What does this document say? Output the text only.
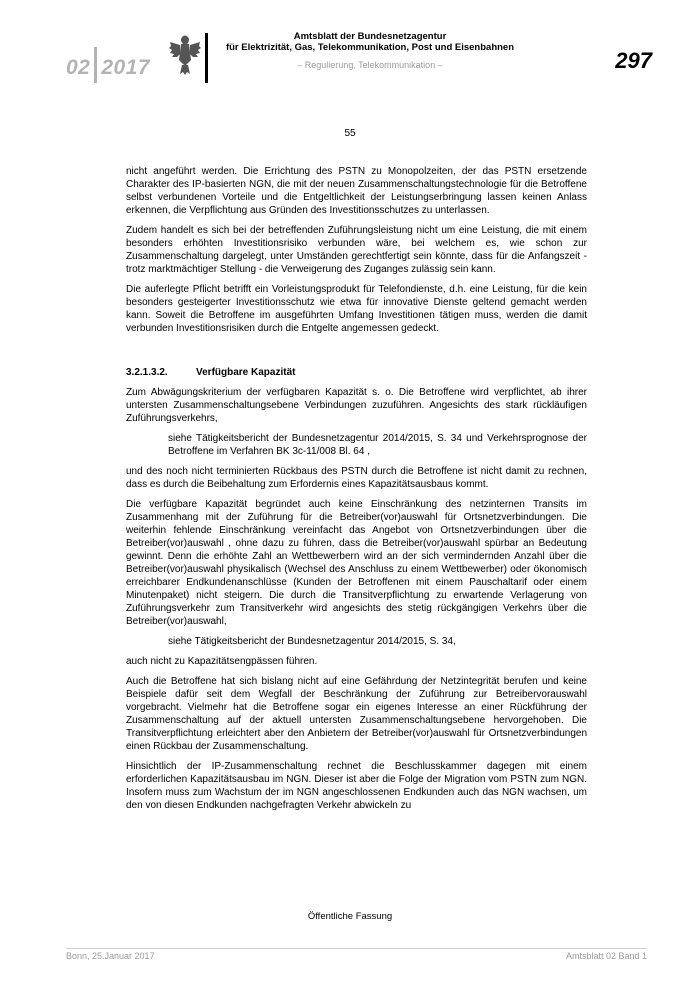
02 2017
Amtsblatt der Bundesnetzagentur
für Elektrizität, Gas, Telekommunikation, Post und Eisenbahnen
– Regulierung, Telekommunikation –	297
55

nicht angeführt werden. Die Errichtung des PSTN zu Monopolzeiten, der das PSTN ersetzende Charakter des IP-basierten NGN, die mit der neuen Zusammenschaltungstechnologie für die Betroffene selbst verbundenen Vorteile und die Entgeltlichkeit der Leistungserbringung lassen keinen Anlass erkennen, die Verpflichtung aus Gründen des Investitionsschutzes zu unterlassen.

Zudem handelt es sich bei der betreffenden Zuführungsleistung nicht um eine Leistung, die mit einem besonders erhöhten Investitionsrisiko verbunden wäre, bei welchem es, wie schon zur Zusammenschaltung dargelegt, unter Umständen gerechtfertigt sein könnte, dass für die Anfangszeit - trotz marktmächtiger Stellung - die Verweigerung des Zuganges zulässig sein kann.

Die auferlegte Pflicht betrifft ein Vorleistungsprodukt für Telefondienste, d.h. eine Leistung, für die kein besonders gesteigerter Investitionsschutz wie etwa für innovative Dienste geltend gemacht werden kann. Soweit die Betroffene im ausgeführten Umfang Investitionen tätigen muss, werden die damit verbunden Investitionsrisiken durch die Entgelte angemessen gedeckt.

3.2.1.3.2.	Verfügbare Kapazität

Zum Abwägungskriterium der verfügbaren Kapazität s. o. Die Betroffene wird verpflichtet, ab ihrer untersten Zusammenschaltungsebene Verbindungen zuzuführen. Angesichts des stark rückläufigen Zuführungsverkehrs,

siehe Tätigkeitsbericht der Bundesnetzagentur 2014/2015, S. 34 und Verkehrsprognose der Betroffene im Verfahren BK 3c-11/008 Bl. 64 ,

und des noch nicht terminierten Rückbaus des PSTN durch die Betroffene ist nicht damit zu rechnen, dass es durch die Beibehaltung zum Erfordernis eines Kapazitätsausbaus kommt.

Die verfügbare Kapazität begründet auch keine Einschränkung des netzinternen Transits im Zusammenhang mit der Zuführung für die Betreiber(vor)auswahl für Ortsnetzverbindungen. Die weiterhin fehlende Einschränkung vereinfacht das Angebot von Ortsnetzverbindungen über die Betreiber(vor)auswahl , ohne dazu zu führen, dass die Betreiber(vor)auswahl spürbar an Bedeutung gewinnt. Denn die erhöhte Zahl an Wettbewerbern wird an der sich vermindernden Anzahl über die Betreiber(vor)auswahl physikalisch (Wechsel des Anschluss zu einem Wettbewerber) oder ökonomisch erreichbarer Endkundenanschlüsse (Kunden der Betroffenen mit einem Pauschaltarif oder einem Minutenpaket) nicht steigern. Die durch die Transitverpflichtung zu erwartende Verlagerung von Zuführungsverkehr zum Transitverkehr wird angesichts des stetig rückgängigen Verkehrs über die Betreiber(vor)auswahl,

siehe Tätigkeitsbericht der Bundesnetzagentur 2014/2015, S. 34,

auch nicht zu Kapazitätsengpässen führen.

Auch die Betroffene hat sich bislang nicht auf eine Gefährdung der Netzintegrität berufen und keine Beispiele dafür seit dem Wegfall der Beschränkung der Zuführung zur Betreibervorauswahl vorgebracht. Vielmehr hat die Betroffene sogar ein eigenes Interesse an einer Rückführung der Zusammenschaltung auf der aktuell untersten Zusammenschaltungsebene hervorgehoben. Die Transitverpflichtung erleichtert aber den Anbietern der Betreiber(vor)auswahl für Ortsnetzverbindungen einen Rückbau der Zusammenschaltung.

Hinsichtlich der IP-Zusammenschaltung rechnet die Beschlusskammer dagegen mit einem erforderlichen Kapazitätsausbau im NGN. Dieser ist aber die Folge der Migration vom PSTN zum NGN. Insofern muss zum Wachstum der im NGN angeschlossenen Endkunden auch das NGN wachsen, um den von diesen Endkunden nachgefragten Verkehr abwickeln zu

Öffentliche Fassung
Bonn, 25.Januar 2017	Amtsblatt 02 Band 1
